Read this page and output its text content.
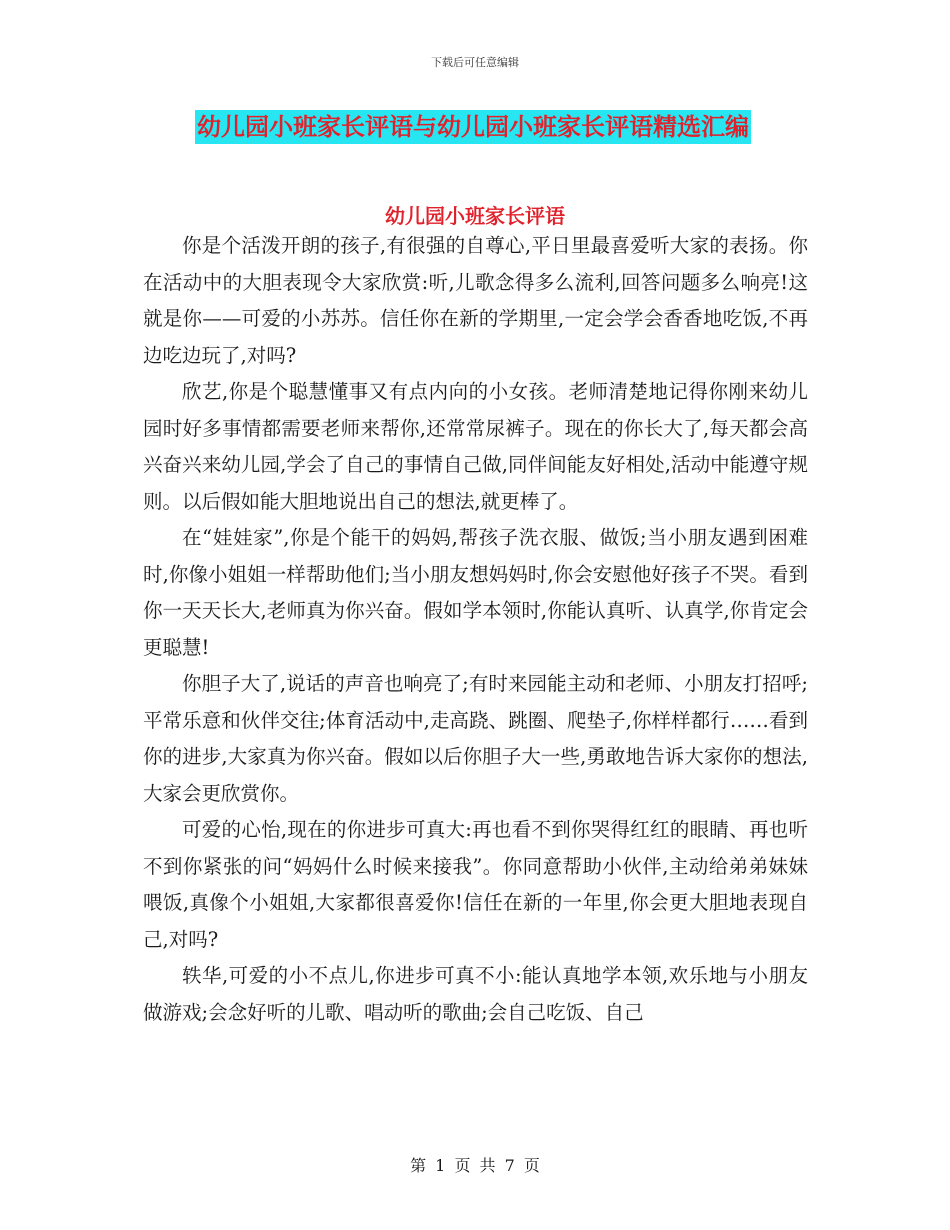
下载后可任意编辑
幼儿园小班家长评语与幼儿园小班家长评语精选汇编
幼儿园小班家长评语

你是个活泼开朗的孩子,有很强的自尊心,平日里最喜爱听大家的表扬。你在活动中的大胆表现令大家欣赏:听,儿歌念得多么流利,回答问题多么响亮!这就是你——可爱的小苏苏。信任你在新的学期里,一定会学会香香地吃饭,不再边吃边玩了,对吗?

欣艺,你是个聪慧懂事又有点内向的小女孩。老师清楚地记得你刚来幼儿园时好多事情都需要老师来帮你,还常常尿裤子。现在的你长大了,每天都会高兴奋兴来幼儿园,学会了自己的事情自己做,同伴间能友好相处,活动中能遵守规则。以后假如能大胆地说出自己的想法,就更棒了。

在“娃娃家”,你是个能干的妈妈,帮孩子洗衣服、做饭;当小朋友遇到困难时,你像小姐姐一样帮助他们;当小朋友想妈妈时,你会安慰他好孩子不哭。看到你一天天长大,老师真为你兴奋。假如学本领时,你能认真听、认真学,你肯定会更聪慧!

你胆子大了,说话的声音也响亮了;有时来园能主动和老师、小朋友打招呼;平常乐意和伙伴交往;体育活动中,走高跷、跳圈、爬垫子,你样样都行……看到你的进步,大家真为你兴奋。假如以后你胆子大一些,勇敢地告诉大家你的想法,大家会更欣赏你。

可爱的心怡,现在的你进步可真大:再也看不到你哭得红红的眼睛、再也听不到你紧张的问“妈妈什么时候来接我”。你同意帮助小伙伴,主动给弟弟妹妹喂饭,真像个小姐姐,大家都很喜爱你!信任在新的一年里,你会更大胆地表现自己,对吗?

轶华,可爱的小不点儿,你进步可真不小:能认真地学本领,欢乐地与小朋友做游戏;会念好听的儿歌、唱动听的歌曲;会自己吃饭、自己

第 1 页 共 7 页
